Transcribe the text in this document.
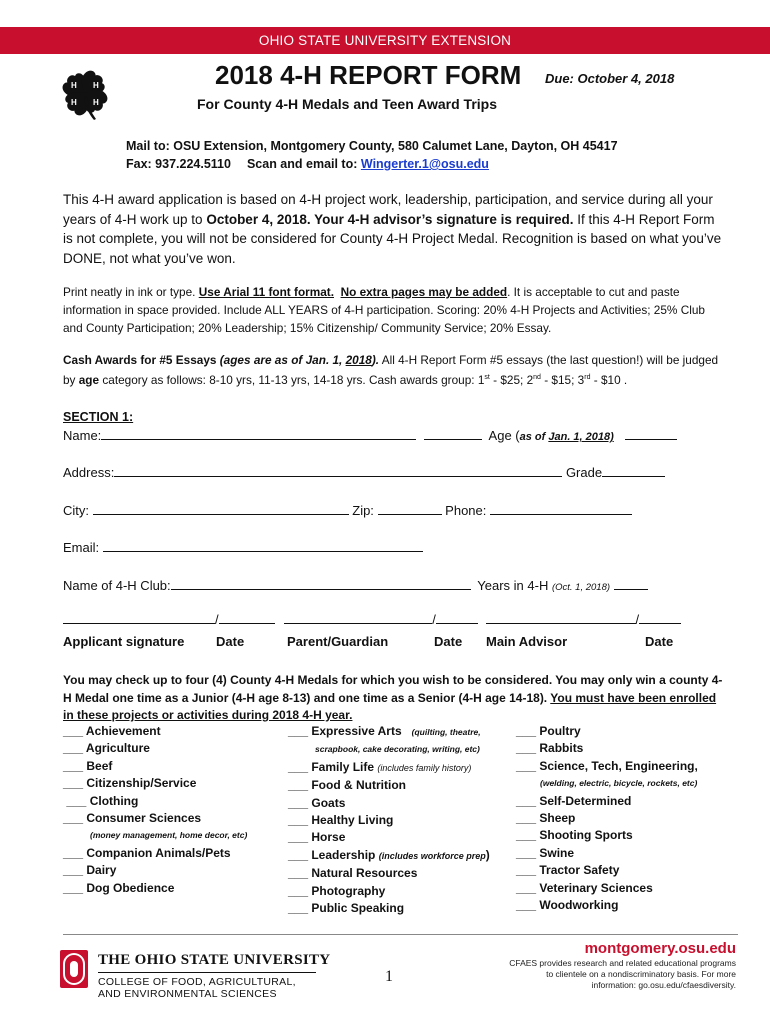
OHIO STATE UNIVERSITY EXTENSION
H H
H H
2018 4-H REPORT FORM Due: October 4, 2018
For County 4-H Medals and Teen Award Trips
Mail to: OSU Extension, Montgomery County, 580 Calumet Lane, Dayton, OH 45417
Fax: 937.224.5110 Scan and email to: Wingerter.1@osu.edu
This 4-H award application is based on 4-H project work, leadership, participation, and service during all your years of 4-H work up to October 4, 2018. Your 4-H advisor’s signature is required. If this 4-H Report Form is not complete, you will not be considered for County 4-H Project Medal. Recognition is based on what you’ve DONE, not what you’ve won.
Print neatly in ink or type. Use Arial 11 font format. No extra pages may be added. It is acceptable to cut and paste information in space provided. Include ALL YEARS of 4-H participation. Scoring: 20% 4-H Projects and Activities; 25% Club and County Participation; 20% Leadership; 15% Citizenship/ Community Service; 20% Essay.
Cash Awards for #5 Essays (ages are as of Jan. 1, 2018). All 4-H Report Form #5 essays (the last question!) will be judged by age category as follows: 8-10 yrs, 11-13 yrs, 14-18 yrs. Cash awards group: 1st - $25; 2nd - $15; 3rd - $10 .
SECTION 1:
Name:	Age (as of Jan. 1, 2018)
Address:	Grade
City:	Zip:	Phone:
Email:
Name of 4-H Club:	Years in 4-H (Oct. 1, 2018)
/	/	/
Applicant signature Date	Parent/Guardian	Date Main Advisor	Date
You may check up to four (4) County 4-H Medals for which you wish to be considered. You may only win a county 4-H Medal one time as a Junior (4-H age 8-13) and one time as a Senior (4-H age 14-18). You must have been enrolled in these projects or activities during 2018 4-H year.
___ Achievement
___ Agriculture
___ Beef
___ Citizenship/Service
___ Clothing
___ Consumer Sciences
(money management, home decor, etc)
___ Companion Animals/Pets
___ Dairy
___ Dog Obedience
___ Expressive Arts (quilting, theatre,
scrapbook, cake decorating, writing, etc)
___ Family Life (includes family history)
___ Food & Nutrition
___ Goats
___ Healthy Living
___ Horse
___ Leadership (includes workforce prep)
___ Natural Resources
___ Photography
___ Public Speaking
___ Poultry
___ Rabbits
___ Science, Tech, Engineering,
(welding, electric, bicycle, rockets, etc)
___ Self-Determined
___ Sheep
___ Shooting Sports
___ Swine
___ Tractor Safety
___ Veterinary Sciences
___ Woodworking
THE OHIO STATE UNIVERSITY
COLLEGE OF FOOD, AGRICULTURAL,
AND ENVIRONMENTAL SCIENCES
1
montgomery.osu.edu
CFAES provides research and related educational programs to clientele on a nondiscriminatory basis. For more information: go.osu.edu/cfaesdiversity.
